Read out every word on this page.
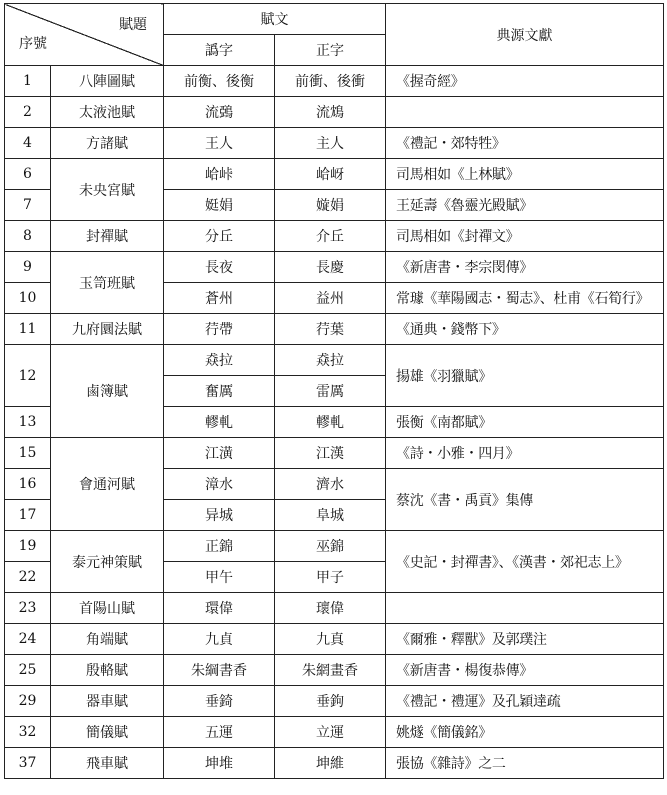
賦題
序號		賦文		典源文獻
		譌字	正字	
1	八陣圖賦	前衡、後衡	前衝、後衝	《握奇經》
2	太液池賦	流鵶	流鴆	
4	方諸賦	王人	主人	《禮記・郊特牲》
6	未央宮賦	峆峠	峆岈	司馬相如《上林賦》
7		娗娟	嫙娟	王延壽《魯靈光殿賦》
8	封禪賦	分丘	介丘	司馬相如《封禪文》
9	玉笥班賦	長夜	長慶	《新唐書・李宗閔傳》
10		蒼州	益州	常璩《華陽國志・蜀志》、杜甫《石筍行》
11	九府圜法賦	荇帶	荇葉	《通典・錢幣下》
12	鹵簿賦	猋拉	猋拉	揚雄《羽獵賦》
		奮厲	雷厲	
13		轇軋	轇軋	張衡《南都賦》
15	會通河賦	江潢	江漢	《詩・小雅・四月》
16		漳水	濟水	蔡沈《書・禹貢》集傳
17		异城	阜城	
19	泰元神策賦	正錦	巫錦	《史記・封禪書》、《漢書・郊祀志上》
22		甲午	甲子	
23	首陽山賦	環偉	瓌偉	
24	角端賦	九貞	九真	《爾雅・釋獸》及郭璞注
25	殷輅賦	朱綱書香	朱網畫香	《新唐書・楊復恭傳》
29	器車賦	垂錡	垂鉤	《禮記・禮運》及孔穎達疏
32	簡儀賦	五運	立運	姚燧《簡儀銘》
37	飛車賦	坤堆	坤維	張協《雜詩》之二
